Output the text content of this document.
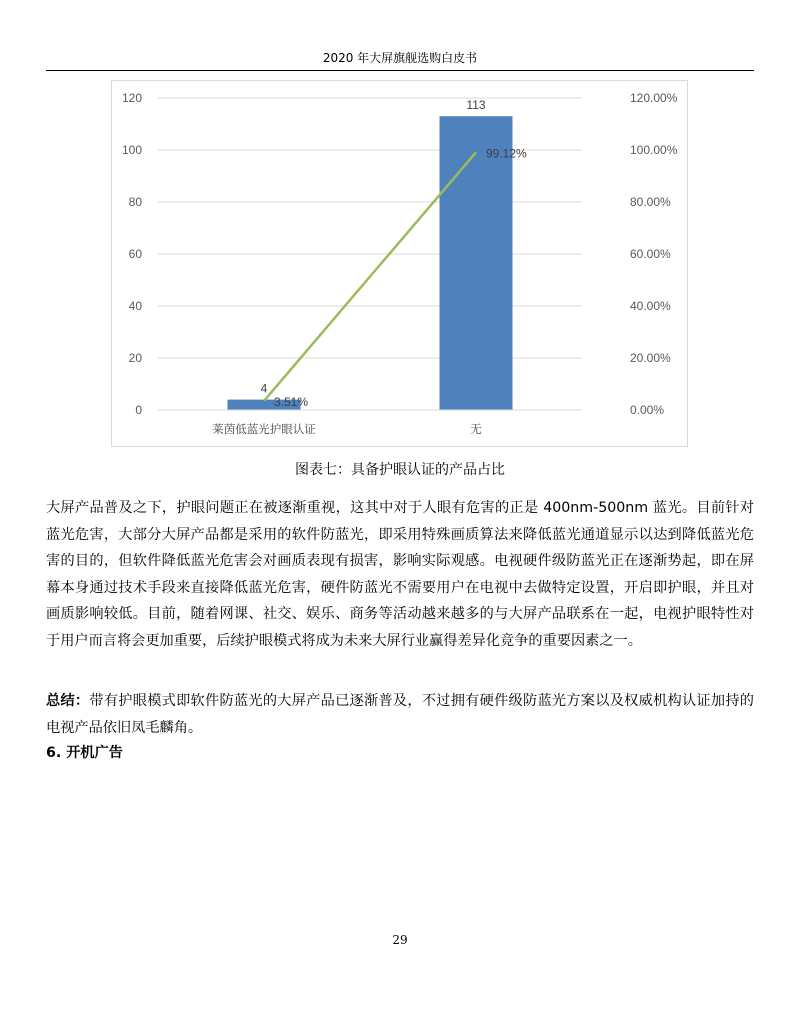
2020 年大屏旗舰选购白皮书
0
20
40
60
80
100
120
0.00%
20.00%
40.00%
60.00%
80.00%
100.00%
120.00%
4
莱茵低蓝光护眼认证
113
无
3.51%
99.12%
图表七：具备护眼认证的产品占比

大屏产品普及之下，护眼问题正在被逐渐重视，这其中对于人眼有危害的正是 400nm-500nm 蓝光。目前针对蓝光危害，大部分大屏产品都是采用的软件防蓝光，即采用特殊画质算法来降低蓝光通道显示以达到降低蓝光危害的目的，但软件降低蓝光危害会对画质表现有损害，影响实际观感。电视硬件级防蓝光正在逐渐势起，即在屏幕本身通过技术手段来直接降低蓝光危害，硬件防蓝光不需要用户在电视中去做特定设置，开启即护眼，并且对画质影响较低。目前，随着网课、社交、娱乐、商务等活动越来越多的与大屏产品联系在一起，电视护眼特性对于用户而言将会更加重要，后续护眼模式将成为未来大屏行业赢得差异化竞争的重要因素之一。

总结：带有护眼模式即软件防蓝光的大屏产品已逐渐普及，不过拥有硬件级防蓝光方案以及权威机构认证加持的电视产品依旧凤毛麟角。

6. 开机广告
29
